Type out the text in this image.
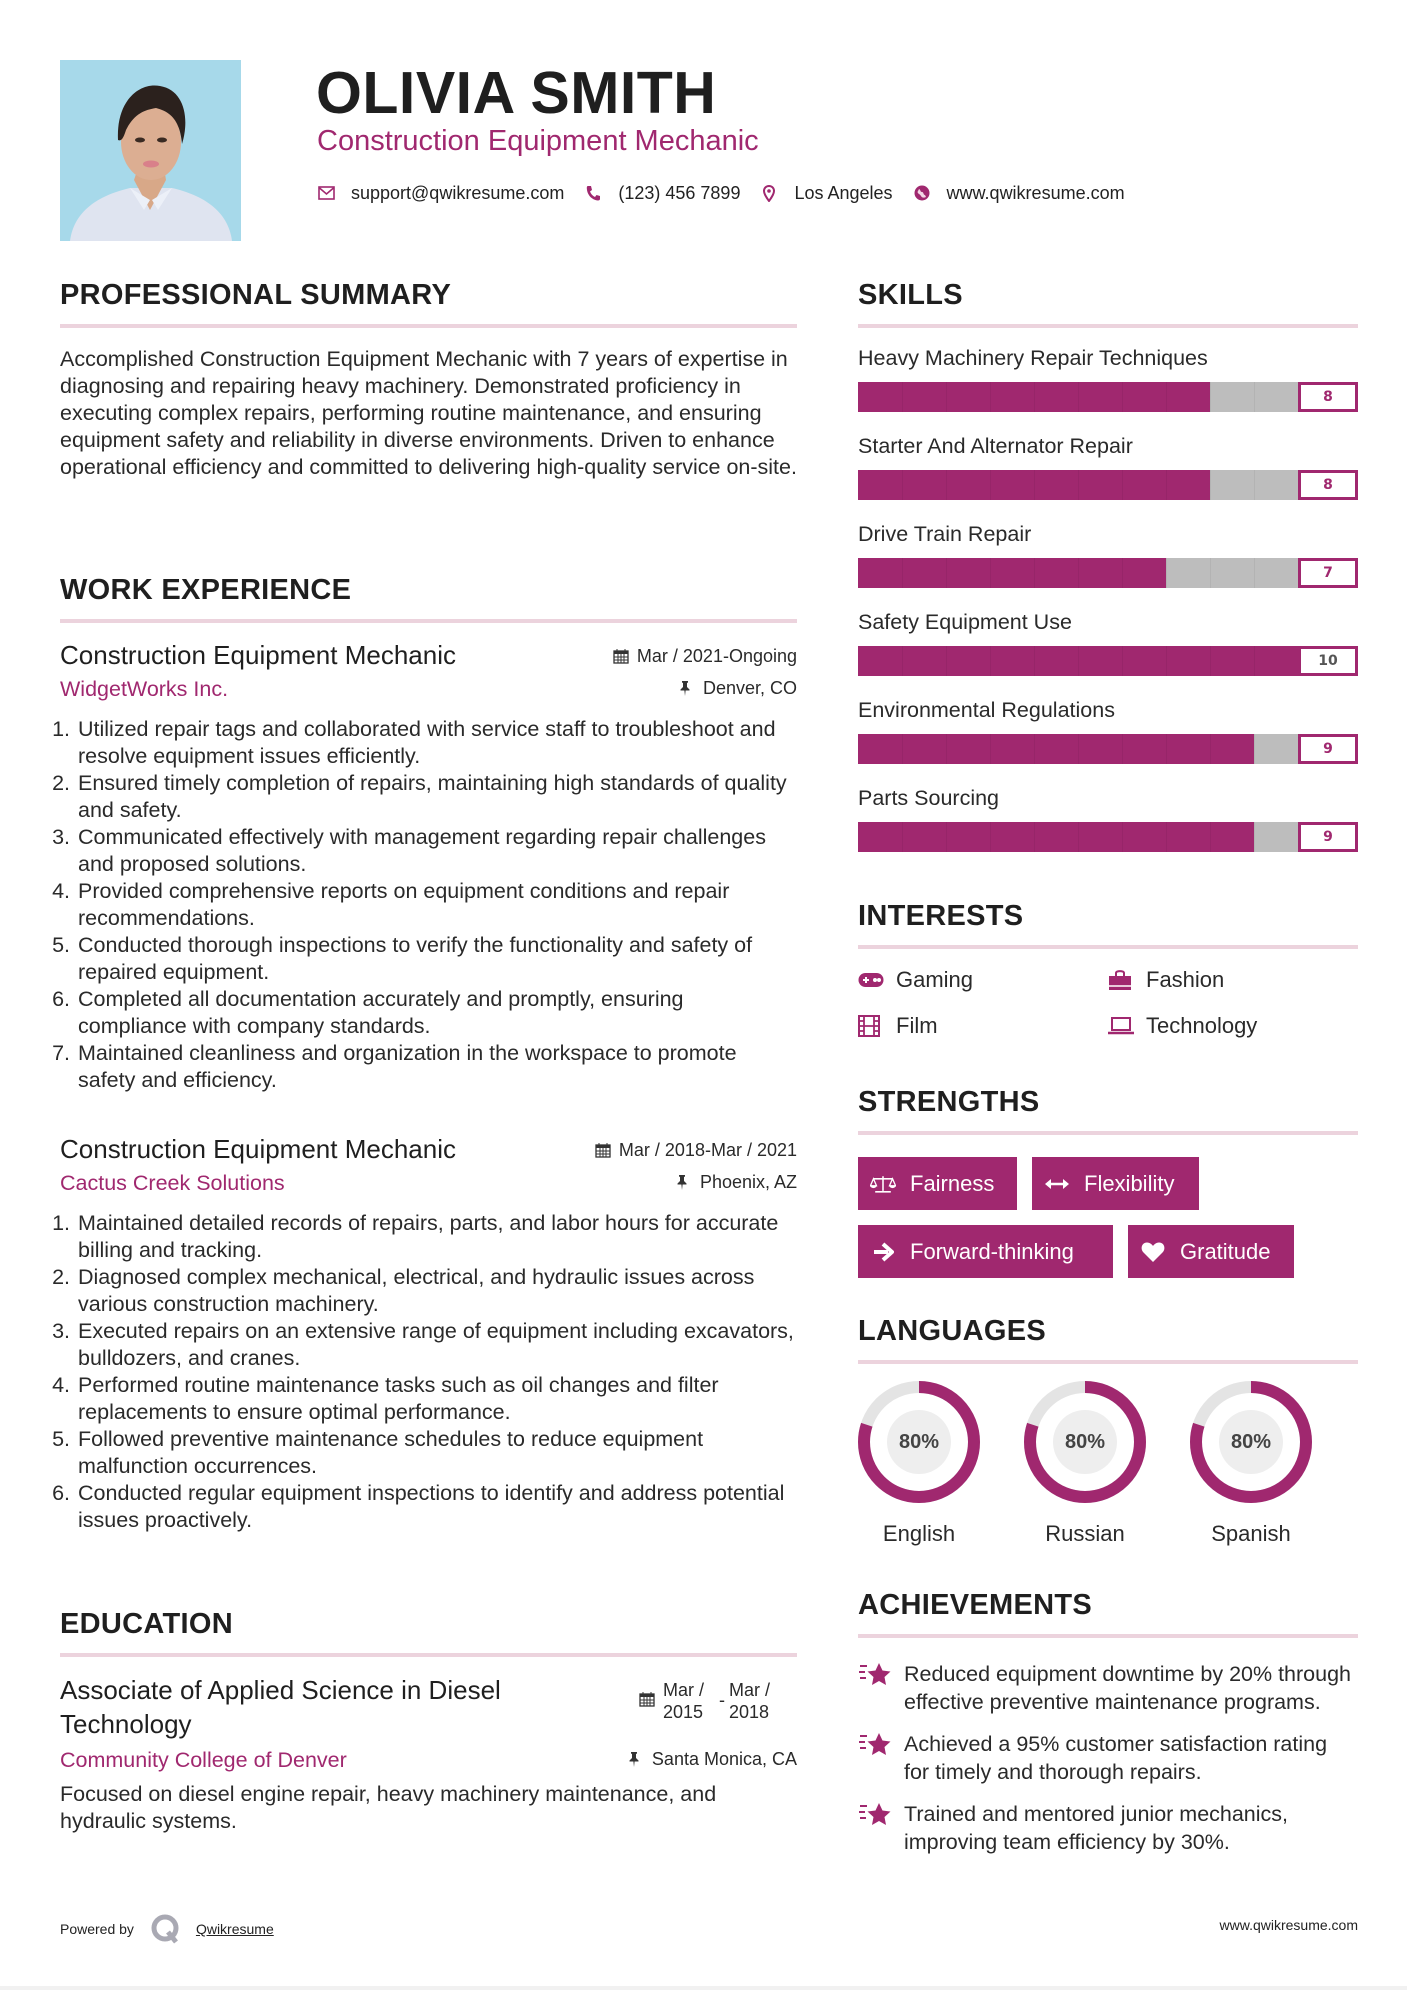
OLIVIA SMITH
Construction Equipment Mechanic
support@qwikresume.com	(123) 456 7899	Los Angeles	www.qwikresume.com
PROFESSIONAL SUMMARY
Accomplished Construction Equipment Mechanic with 7 years of expertise in diagnosing and repairing heavy machinery. Demonstrated proficiency in executing complex repairs, performing routine maintenance, and ensuring equipment safety and reliability in diverse environments. Driven to enhance operational efficiency and committed to delivering high-quality service on-site.
WORK EXPERIENCE
Construction Equipment Mechanic	Mar / 2021-Ongoing
WidgetWorks Inc.	Denver, CO
1. Utilized repair tags and collaborated with service staff to troubleshoot and resolve equipment issues efficiently.
2. Ensured timely completion of repairs, maintaining high standards of quality and safety.
3. Communicated effectively with management regarding repair challenges and proposed solutions.
4. Provided comprehensive reports on equipment conditions and repair recommendations.
5. Conducted thorough inspections to verify the functionality and safety of repaired equipment.
6. Completed all documentation accurately and promptly, ensuring compliance with company standards.
7. Maintained cleanliness and organization in the workspace to promote safety and efficiency.
Construction Equipment Mechanic	Mar / 2018-Mar / 2021
Cactus Creek Solutions	Phoenix, AZ
1. Maintained detailed records of repairs, parts, and labor hours for accurate billing and tracking.
2. Diagnosed complex mechanical, electrical, and hydraulic issues across various construction machinery.
3. Executed repairs on an extensive range of equipment including excavators, bulldozers, and cranes.
4. Performed routine maintenance tasks such as oil changes and filter replacements to ensure optimal performance.
5. Followed preventive maintenance schedules to reduce equipment malfunction occurrences.
6. Conducted regular equipment inspections to identify and address potential issues proactively.
EDUCATION
Associate of Applied Science in Diesel Technology
Mar / 2015
- Mar / 2018
Community College of Denver	Santa Monica, CA
Focused on diesel engine repair, heavy machinery maintenance, and hydraulic systems.
SKILLS
Heavy Machinery Repair Techniques
8
Starter And Alternator Repair
8
Drive Train Repair
7
Safety Equipment Use
10
Environmental Regulations
9
Parts Sourcing
9
INTERESTS
Gaming	Fashion
Film	Technology
STRENGTHS
Fairness	Flexibility
Forward-thinking	Gratitude
LANGUAGES
80%
English
80%
Russian
80%
Spanish
ACHIEVEMENTS
Reduced equipment downtime by 20% through effective preventive maintenance programs.
Achieved a 95% customer satisfaction rating for timely and thorough repairs.
Trained and mentored junior mechanics, improving team efficiency by 30%.
Powered by	Qwikresume	www.qwikresume.com
